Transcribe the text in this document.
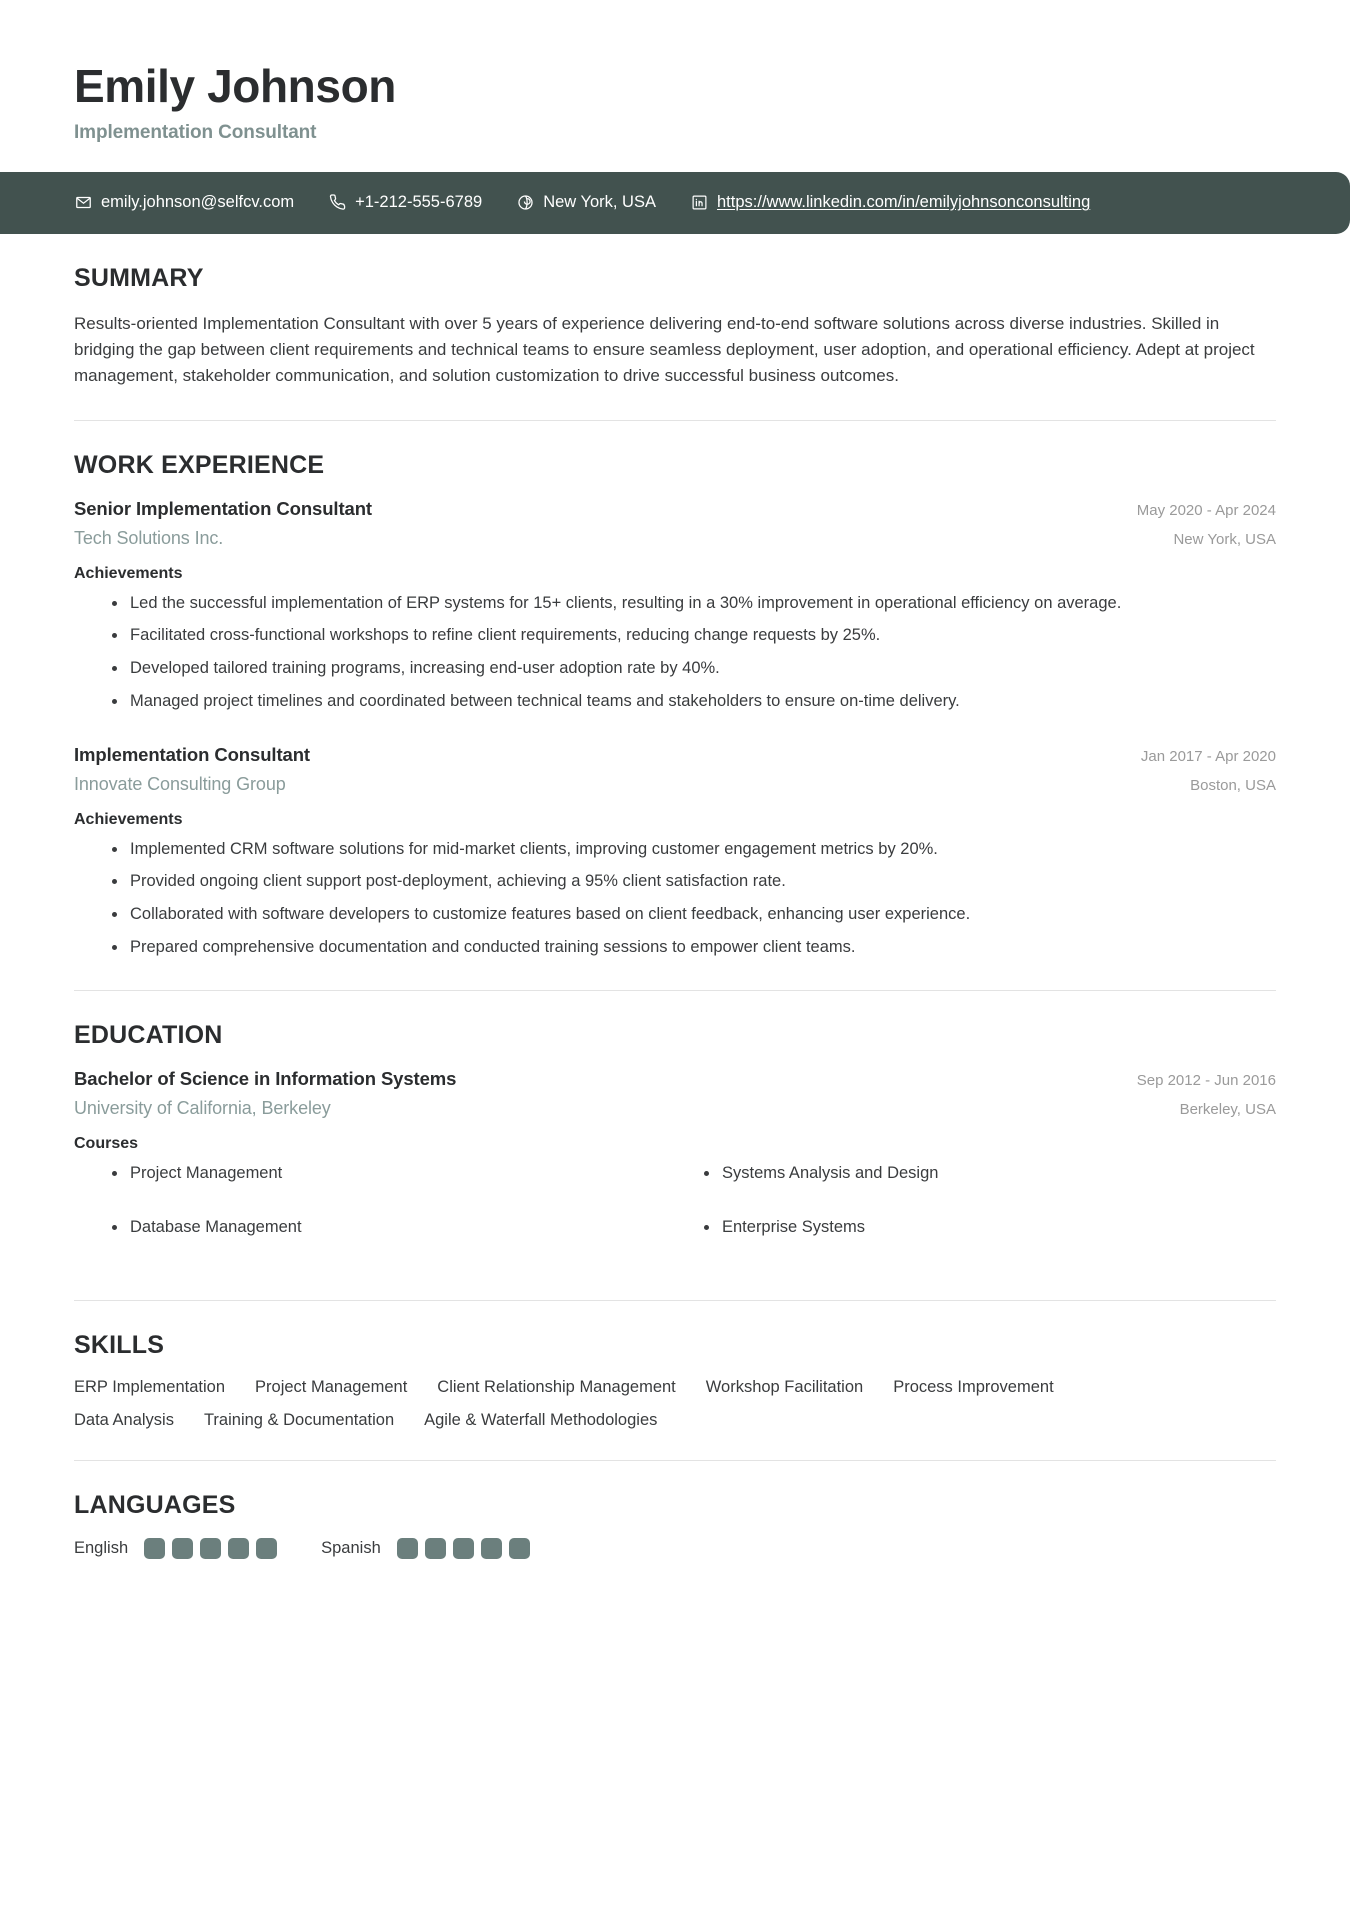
Emily Johnson
Implementation Consultant
emily.johnson@selfcv.com	+1-212-555-6789	New York, USA	https://www.linkedin.com/in/emilyjohnsonconsulting
SUMMARY
Results-oriented Implementation Consultant with over 5 years of experience delivering end-to-end software solutions across diverse industries. Skilled in bridging the gap between client requirements and technical teams to ensure seamless deployment, user adoption, and operational efficiency. Adept at project management, stakeholder communication, and solution customization to drive successful business outcomes.
WORK EXPERIENCE
Senior Implementation Consultant	May 2020 - Apr 2024
Tech Solutions Inc.	New York, USA
Achievements
Led the successful implementation of ERP systems for 15+ clients, resulting in a 30% improvement in operational efficiency on average.
Facilitated cross-functional workshops to refine client requirements, reducing change requests by 25%.
Developed tailored training programs, increasing end-user adoption rate by 40%.
Managed project timelines and coordinated between technical teams and stakeholders to ensure on-time delivery.
Implementation Consultant	Jan 2017 - Apr 2020
Innovate Consulting Group	Boston, USA
Achievements
Implemented CRM software solutions for mid-market clients, improving customer engagement metrics by 20%.
Provided ongoing client support post-deployment, achieving a 95% client satisfaction rate.
Collaborated with software developers to customize features based on client feedback, enhancing user experience.
Prepared comprehensive documentation and conducted training sessions to empower client teams.
EDUCATION
Bachelor of Science in Information Systems	Sep 2012 - Jun 2016
University of California, Berkeley	Berkeley, USA
Courses
Project Management	Systems Analysis and Design
Database Management	Enterprise Systems
SKILLS
ERP Implementation Project Management Client Relationship Management Workshop Facilitation Process Improvement
Data Analysis Training & Documentation Agile & Waterfall Methodologies
LANGUAGES
English	Spanish
